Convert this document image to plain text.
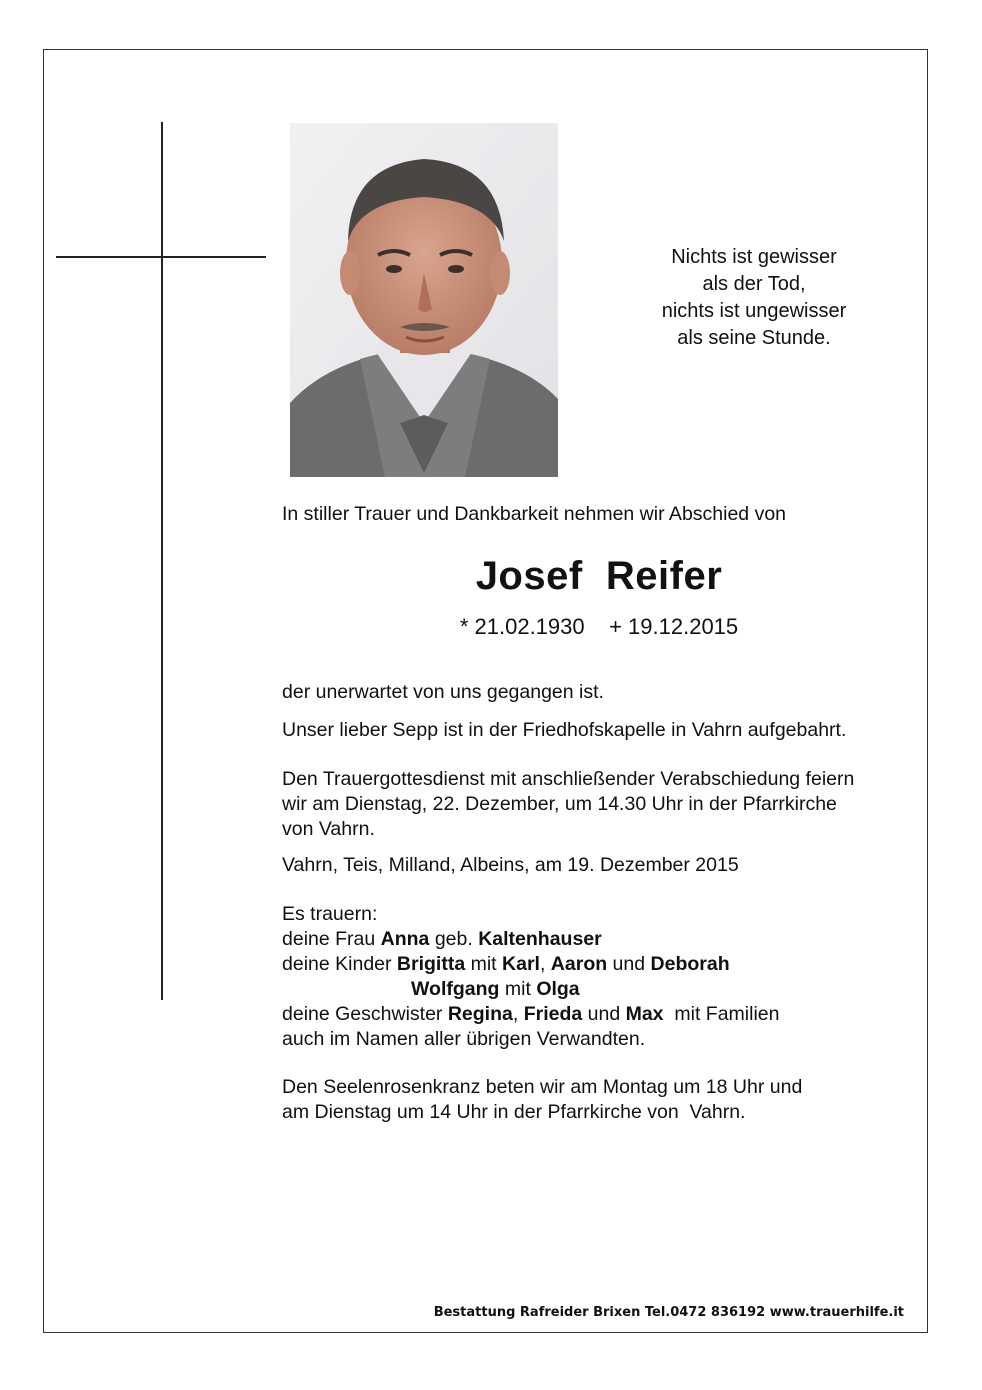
Nichts ist gewisser
als der Tod,
nichts ist ungewisser
als seine Stunde.
In stiller Trauer und Dankbarkeit nehmen wir Abschied von
Josef Reifer
* 21.02.1930 + 19.12.2015
der unerwartet von uns gegangen ist.
Unser lieber Sepp ist in der Friedhofskapelle in Vahrn aufgebahrt.
Den Trauergottesdienst mit anschließender Verabschiedung feiern
wir am Dienstag, 22. Dezember, um 14.30 Uhr in der Pfarrkirche
von Vahrn.
Vahrn, Teis, Milland, Albeins, am 19. Dezember 2015
Es trauern:
deine Frau Anna geb. Kaltenhauser
deine Kinder Brigitta mit Karl, Aaron und Deborah
Wolfgang mit Olga
deine Geschwister Regina, Frieda und Max  mit Familien
auch im Namen aller übrigen Verwandten.
Den Seelenrosenkranz beten wir am Montag um 18 Uhr und
am Dienstag um 14 Uhr in der Pfarrkirche von  Vahrn.
Bestattung Rafreider Brixen Tel.0472 836192 www.trauerhilfe.it
